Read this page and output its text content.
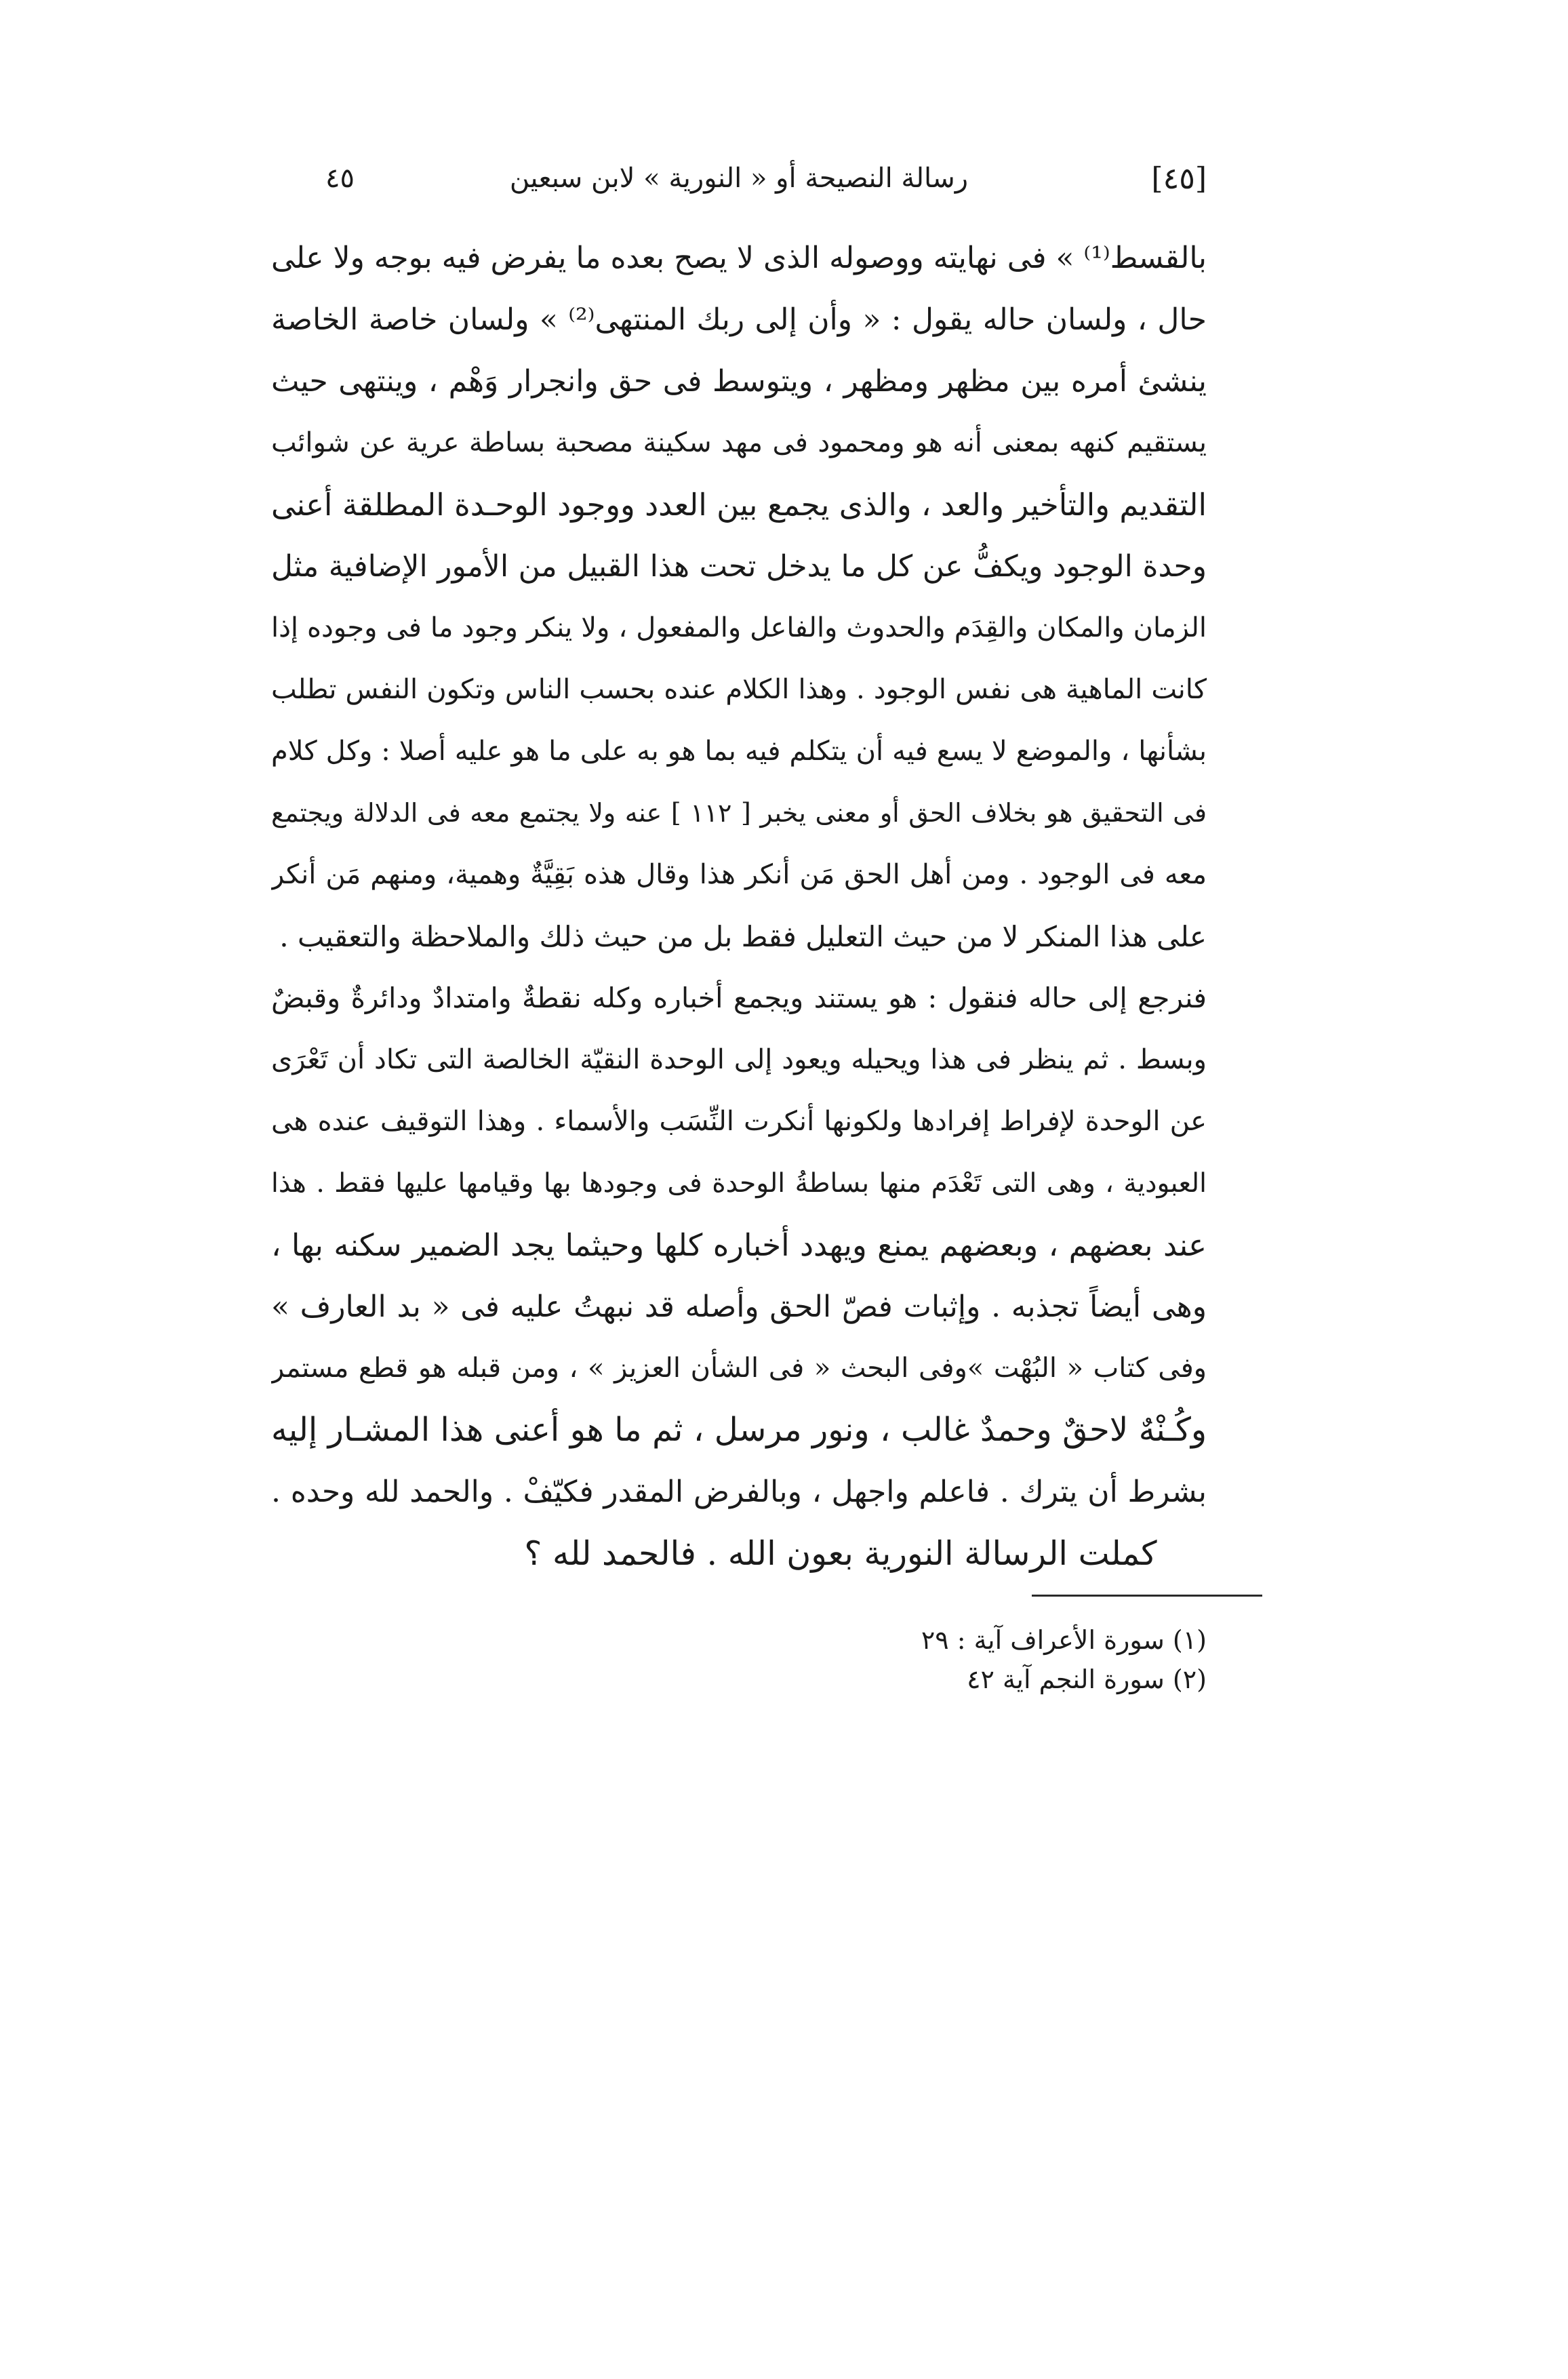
[٤٥]
رسالة النصيحة أو « النورية » لابن سبعين
٤٥
بالقسط⁽¹⁾ » فى نهايته ووصوله الذى لا يصح بعده ما يفرض فيه بوجه ولا على
حال ، ولسان حاله يقول : « وأن إلى ربك المنتهى⁽²⁾ » ولسان خاصة الخاصة
ينشئ أمره بين مظهر ومظهر ، ويتوسط فى حق وانجرار وَهْم ، وينتهى حيث
يستقيم كنهه بمعنى أنه هو ومحمود فى مهد سكينة مصحبة بساطة عرية عن شوائب
التقديم والتأخير والعد ، والذى يجمع بين العدد ووجود الوحـدة المطلقة أعنى
وحدة الوجود ويكفُّ عن كل ما يدخل تحت هذا القبيل من الأمور الإضافية مثل
الزمان والمكان والقِدَم والحدوث والفاعل والمفعول ، ولا ينكر وجود ما فى وجوده إذا
كانت الماهية هى نفس الوجود . وهذا الكلام عنده بحسب الناس وتكون النفس تطلب
بشأنها ، والموضع لا يسع فيه أن يتكلم فيه بما هو به على ما هو عليه أصلا : وكل كلام
فى التحقيق هو بخلاف الحق أو معنى يخبر [ ١١٢ ] عنه ولا يجتمع معه فى الدلالة ويجتمع
معه فى الوجود . ومن أهل الحق مَن أنكر هذا وقال هذه بَقِيَّةٌ وهمية، ومنهم مَن أنكر
على هذا المنكر لا من حيث التعليل فقط بل من حيث ذلك والملاحظة والتعقيب .
فنرجع إلى حاله فنقول : هو يستند ويجمع أخباره وكله نقطةٌ وامتدادٌ ودائرةٌ وقبضٌ
وبسط . ثم ينظر فى هذا ويحيله ويعود إلى الوحدة النقيّة الخالصة التى تكاد أن تَعْرَى
عن الوحدة لإفراط إفرادها ولكونها أنكرت النِّسَب والأسماء . وهذا التوقيف عنده هى
العبودية ، وهى التى تَعْدَم منها بساطةُ الوحدة فى وجودها بها وقيامها عليها فقط . هذا
عند بعضهم ، وبعضهم يمنع ويهدد أخباره كلها وحيثما يجد الضمير سكنه بها ،
وهى أيضاً تجذبه . وإثبات فصّ الحق وأصله قد نبهتُ عليه فى « بد العارف »
وفى كتاب « البُهْت »وفى البحث « فى الشأن العزيز » ، ومن قبله هو قطع مستمر
وكُـنْهٌ لاحقٌ وحمدٌ غالب ، ونور مرسل ، ثم ما هو أعنى هذا المشـار إليه
بشرط أن يترك . فاعلم واجهل ، وبالفرض المقدر فكيّفْ . والحمد لله وحده .
كملت الرسالة النورية بعون الله . فالحمد لله ؟
(١) سورة الأعراف آية : ٢٩
(٢) سورة النجم آية ٤٢
